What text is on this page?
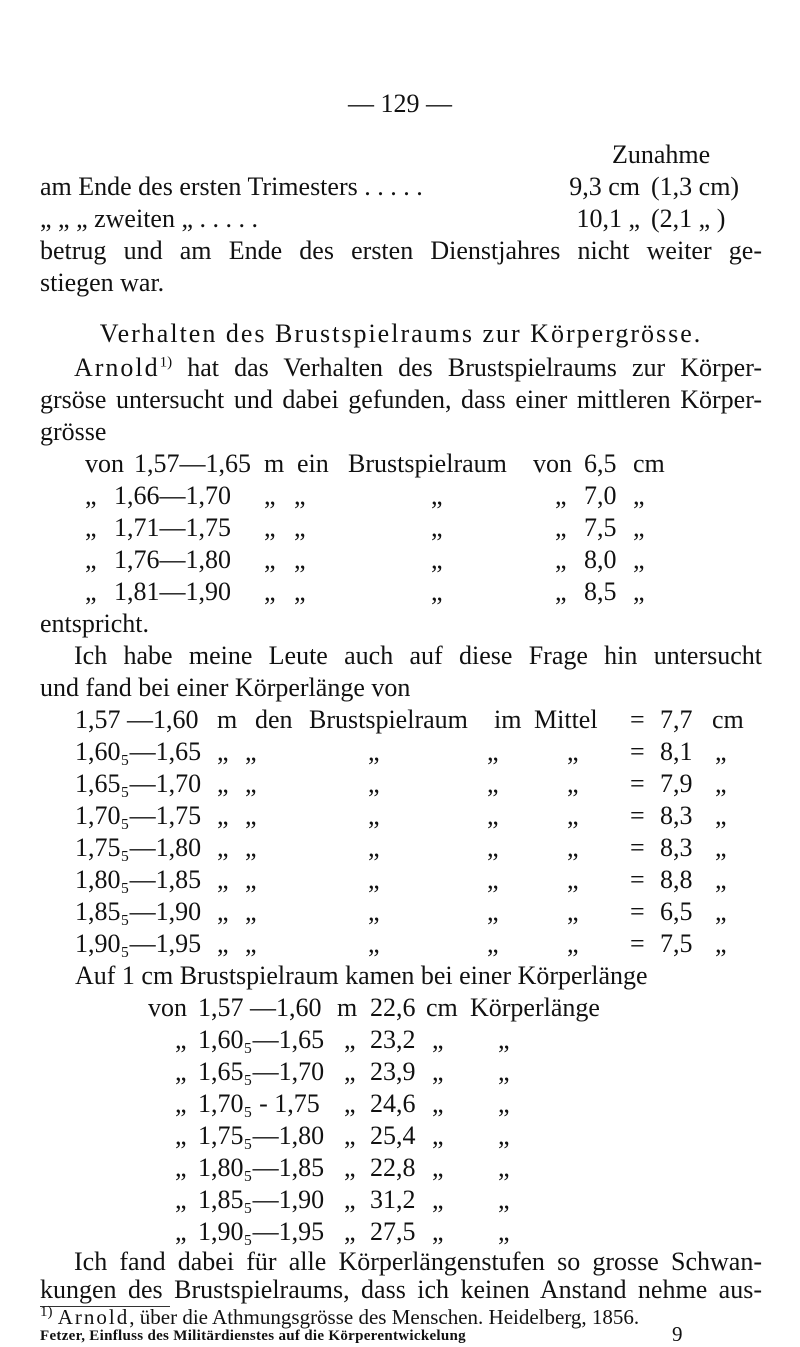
— 129 —
Zunahme
am Ende des ersten Trimesters . . . . .	9,3 cm (1,3 cm)
„ „ „ zweiten „ . . . . .	10,1 „ (2,1 „ )
betrug und am Ende des ersten Dienstjahres nicht weiter ge-
stiegen war.
Verhalten des Brustspielraums zur Körpergrösse.
Arnold$^{1)}$ hat das Verhalten des Brustspielraums zur Körper-
grsöse untersucht und dabei gefunden, dass einer mittleren Körper-
grösse
von 1,57—1,65 m ein Brustspielraum von 6,5 cm
„ 1,66—1,70 „ „	„	„ 7,0 „
„ 1,71—1,75 „ „	„	„ 7,5 „
„ 1,76—1,80 „ „	„	„ 8,0 „
„ 1,81—1,90 „ „	„	„ 8,5 „
entspricht.
Ich habe meine Leute auch auf diese Frage hin untersucht
und fand bei einer Körperlänge von
1,57 —1,60 m den Brustspielraum im Mittel = 7,7 cm
1,60₅—1,65 „ „	„	„	„ = 8,1 „
1,65₅—1,70 „ „	„	„	„ = 7,9 „
1,70₅—1,75 „ „	„	„	„ = 8,3 „
1,75₅—1,80 „ „	„	„	„ = 8,3 „
1,80₅—1,85 „ „	„	„	„ = 8,8 „
1,85₅—1,90 „ „	„	„	„ = 6,5 „
1,90₅—1,95 „ „	„	„	„ = 7,5 „
Auf 1 cm Brustspielraum kamen bei einer Körperlänge
von 1,57 —1,60 m 22,6 cm Körperlänge
„ 1,60₅—1,65 „ 23,2 „ „
„ 1,65₅—1,70 „ 23,9 „ „
„ 1,70₅ - 1,75 „ 24,6 „ „
„ 1,75₅—1,80 „ 25,4 „ „
„ 1,80₅—1,85 „ 22,8 „ „
„ 1,85₅—1,90 „ 31,2 „ „
„ 1,90₅—1,95 „ 27,5 „ „
Ich fand dabei für alle Körperlängenstufen so grosse Schwan-
kungen des Brustspielraums, dass ich keinen Anstand nehme aus-
$^{1)}$ Arnold, über die Athmungsgrösse des Menschen. Heidelberg, 1856.
Fetzer, Einfluss des Militärdienstes auf die Körperentwickelung	9
